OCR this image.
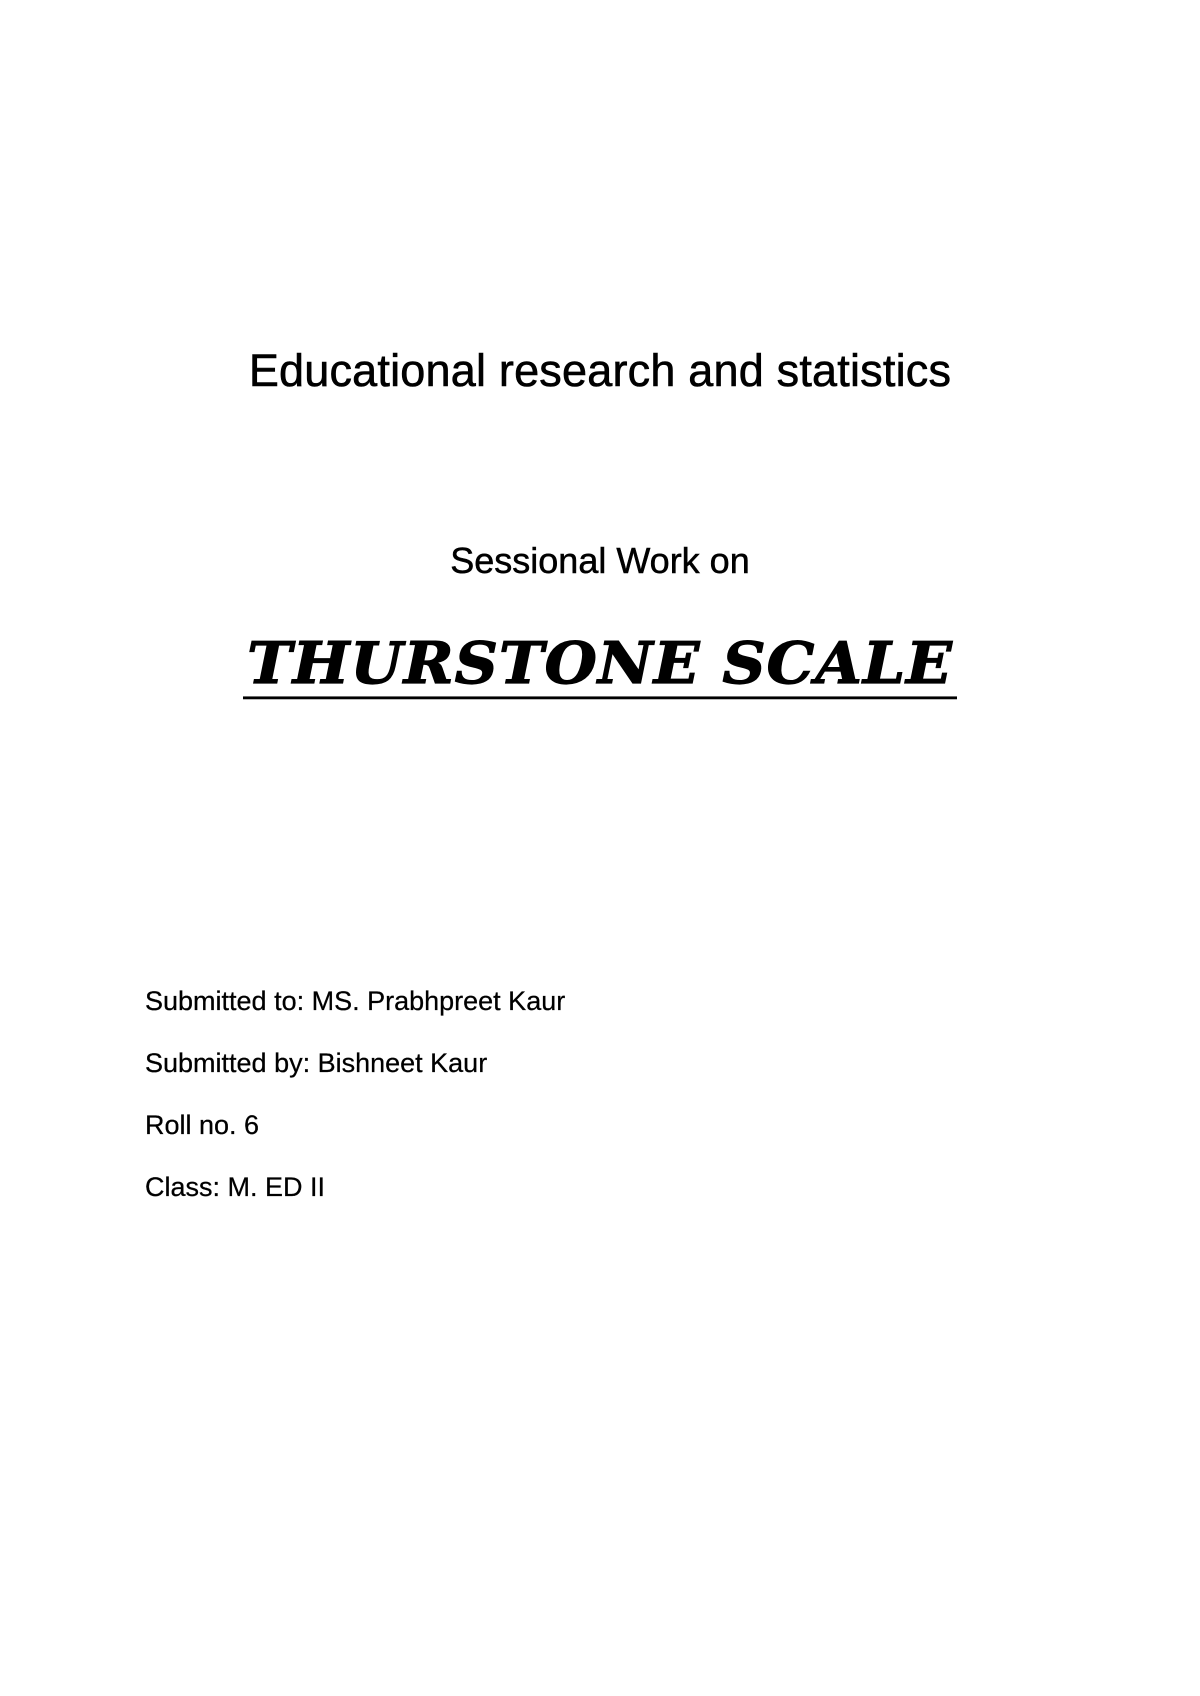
Educational research and statistics
Sessional Work on
THURSTONE SCALE
Submitted to: MS. Prabhpreet Kaur
Submitted by: Bishneet Kaur
Roll no. 6
Class: M. ED II
